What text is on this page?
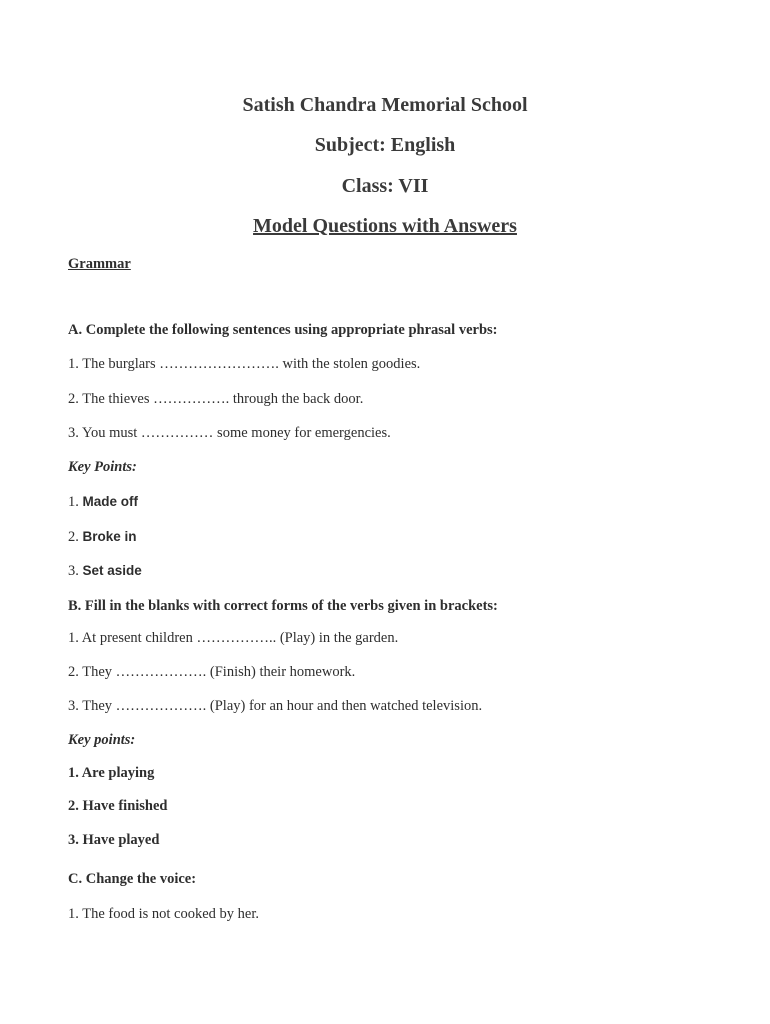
Satish Chandra Memorial School
Subject: English
Class: VII
Model Questions with Answers
Grammar
A. Complete the following sentences using appropriate phrasal verbs:
1. The burglars ……………………. with the stolen goodies.
2. The thieves ……………. through the back door.
3. You must …………… some money for emergencies.
Key Points:
1. Made off
2. Broke in
3. Set aside
B. Fill in the blanks with correct forms of the verbs given in brackets:
1. At present children …………….. (Play) in the garden.
2. They ………………. (Finish) their homework.
3. They ………………. (Play) for an hour and then watched television.
Key points:
1. Are playing
2. Have finished
3. Have played
C. Change the voice:
1. The food is not cooked by her.
